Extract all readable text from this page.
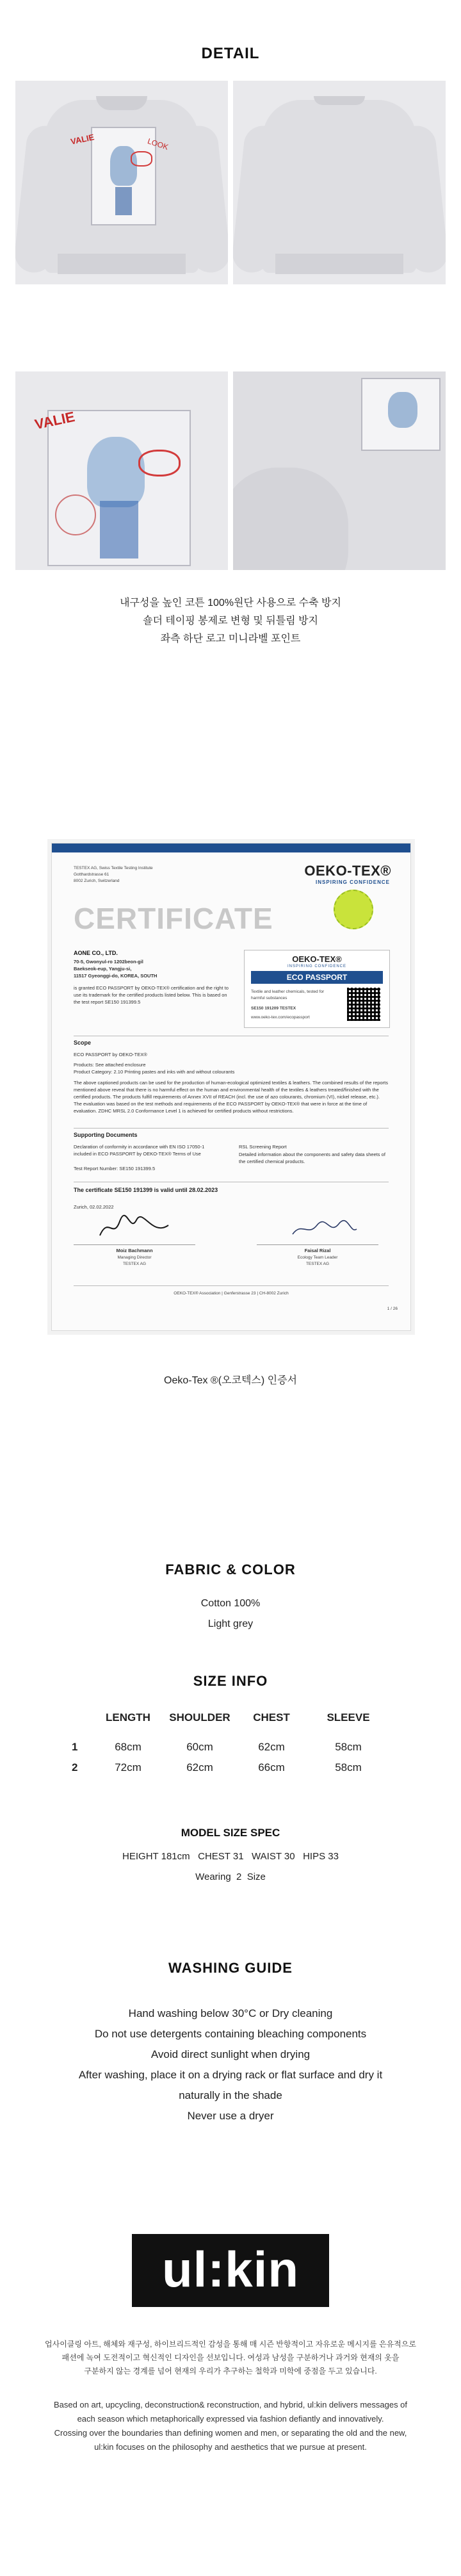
DETAIL
VALIE	LOOK
VALIE
내구성을 높인 코튼 100%원단 사용으로 수축 방지
숄더 테이핑 봉제로 변형 및 뒤틀림 방지
좌측 하단 로고 미니라벨 포인트
TESTEX AG, Swiss Textile Testing Institute
Gotthardstrasse 61
8002 Zurich, Switzerland
OEKO-TEX®
INSPIRING CONFIDENCE
CERTIFICATE
AONE CO., LTD.
70-5, Gwonyul-ro 1202beon-gil
Baekseok-eup, Yangju-si,
11517 Gyeonggi-do, KOREA, SOUTH
is granted ECO PASSPORT by OEKO-TEX® certification and the right to use its trademark for the certified products listed below. This is based on the test report SE150 191399.5
OEKO-TEX®
INSPIRING CONFIDENCE
ECO PASSPORT
Textile and leather chemicals, tested for harmful substances
SE150 191209 TESTEX
www.oeko-tex.com/ecopassport
Scope
ECO PASSPORT by OEKO-TEX®
Products: See attached enclosure
Product Category: 2.10 Printing pastes and inks with and without colourants
The above captioned products can be used for the production of human-ecological optimized textiles & leathers. The combined results of the reports mentioned above reveal that there is no harmful effect on the human and environmental health of the textiles & leathers treated/finished with the certified products. The products fulfill requirements of Annex XVII of REACH (incl. the use of azo colourants, chromium (VI), nickel release, etc.). The evaluation was based on the test methods and requirements of the ECO PASSPORT by OEKO-TEX® that were in force at the time of evaluation. ZDHC MRSL 2.0 Conformance Level 1 is achieved for certified products without restrictions.
Supporting Documents
Declaration of conformity in accordance with EN ISO 17050-1 included in ECO PASSPORT by OEKO-TEX® Terms of Use
Test Report Number: SE150 191399.5
RSL Screening Report
Detailed information about the components and safety data sheets of the certified chemical products.
The certificate SE150 191399 is valid until 28.02.2023
Zurich, 02.02.2022
Moiz Bachmann
Managing Director
TESTEX AG
Faisal Rizal
Ecology Team Leader
TESTEX AG
OEKO-TEX® Association | Genferstrasse 23 | CH-8002 Zurich
1 / 26
Oeko-Tex ®(오코텍스) 인증서
FABRIC & COLOR
Cotton 100%
Light grey
SIZE INFO
	LENGTH	SHOULDER	CHEST	SLEEVE

1	68cm	60cm	62cm	58cm
2	72cm	62cm	66cm	58cm
MODEL SIZE SPEC
HEIGHT 181cm   CHEST 31   WAIST 30   HIPS 33
Wearing  2  Size
WASHING GUIDE
Hand washing below 30°C or Dry cleaning
Do not use detergents containing bleaching components
Avoid direct sunlight when drying
After washing, place it on a drying rack or flat surface and dry it
naturally in the shade
Never use a dryer
ul:kin
업사이클링 아트, 해체와 재구성, 하이브리드적인 감성을 통해 매 시즌 반항적이고 자유로운 메시지를 은유적으로
패션에 녹여 도전적이고 혁신적인 디자인을 선보입니다. 여성과 남성을 구분하거나 과거와 현재의 옷을
구분하지 않는 경계를 넘어 현재의 우리가 추구하는 철학과 미학에 중점을 두고 있습니다.
Based on art, upcycling, deconstruction& reconstruction, and hybrid, ul:kin delivers messages of
each season which metaphorically expressed via fashion defiantly and innovatively.
Crossing over the boundaries than defining women and men, or separating the old and the new,
ul:kin focuses on the philosophy and aesthetics that we pursue at present.
